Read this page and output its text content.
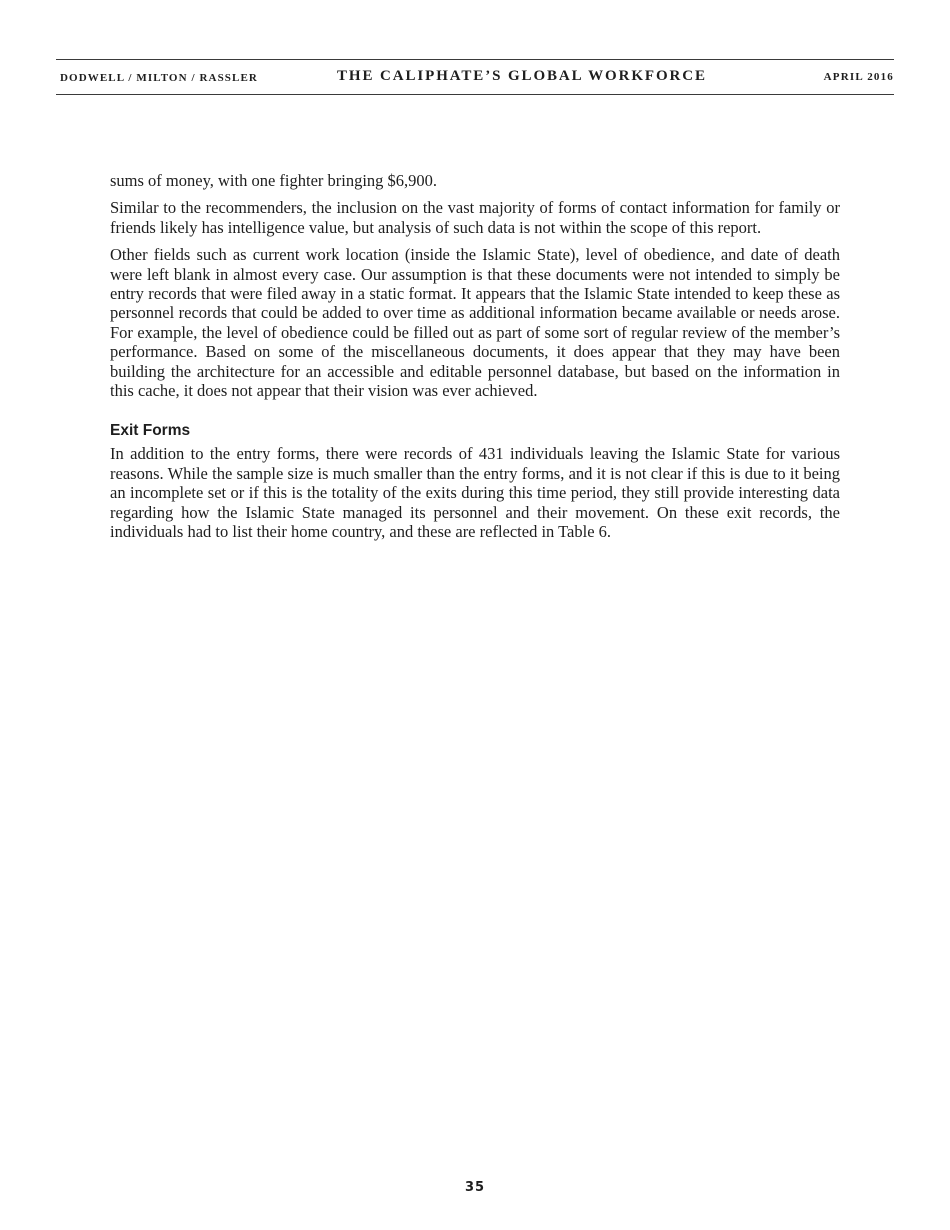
DODWELL / MILTON / RASSLER	THE CALIPHATE’S GLOBAL WORKFORCE	APRIL 2016

sums of money, with one fighter bringing $6,900.

Similar to the recommenders, the inclusion on the vast majority of forms of contact information for family or friends likely has intelligence value, but analysis of such data is not within the scope of this report.

Other fields such as current work location (inside the Islamic State), level of obedience, and date of death were left blank in almost every case. Our assumption is that these documents were not intended to simply be entry records that were filed away in a static format. It appears that the Islamic State intended to keep these as personnel records that could be added to over time as additional information became available or needs arose. For example, the level of obedience could be filled out as part of some sort of regular review of the member’s performance. Based on some of the miscellaneous documents, it does appear that they may have been building the architecture for an accessible and editable personnel database, but based on the information in this cache, it does not appear that their vision was ever achieved.

Exit Forms

In addition to the entry forms, there were records of 431 individuals leaving the Islamic State for various reasons. While the sample size is much smaller than the entry forms, and it is not clear if this is due to it being an incomplete set or if this is the totality of the exits during this time period, they still provide interesting data regarding how the Islamic State managed its personnel and their movement. On these exit records, the individuals had to list their home country, and these are reflected in Table 6.

35
